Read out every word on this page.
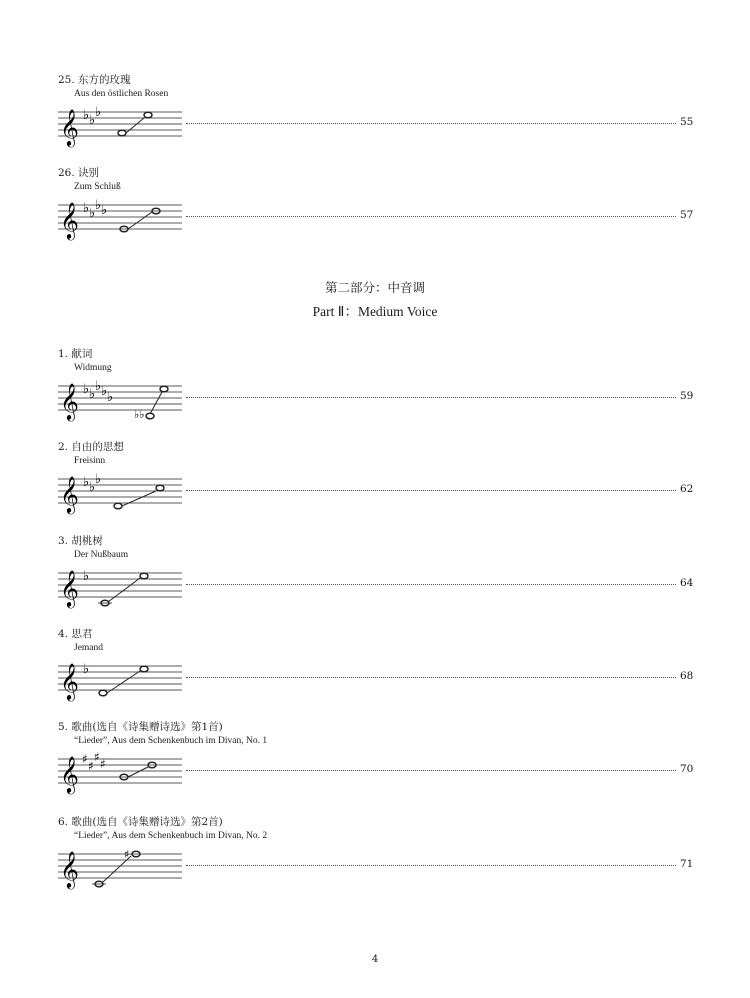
25. 东方的玫瑰
Aus den östlichen Rosen
𝄞 ♭ ♭
♭
55
26. 诀别
Zum Schluß
𝄞 ♭ ♭
♭ ♭	57
第二部分：中音调
Part Ⅱ：Medium Voice
1. 献词
Widmung
𝄞 ♭ ♭
♭ ♭ ♭
♭♭
59
2. 自由的思想
Freisinn
𝄞 ♭ ♭
♭
62
3. 胡桃树
Der Nußbaum
𝄞 ♭	64
4. 思君
Jemand
𝄞 ♭	68
5. 歌曲(选自《诗集赠诗选》第1首)
“Lieder”, Aus dem Schenkenbuch im Divan, No. 1
𝄞 ♯ ♯
♯ ♯	70
6. 歌曲(选自《诗集赠诗选》第2首)
“Lieder”, Aus dem Schenkenbuch im Divan, No. 2
𝄞	♯
71
4
